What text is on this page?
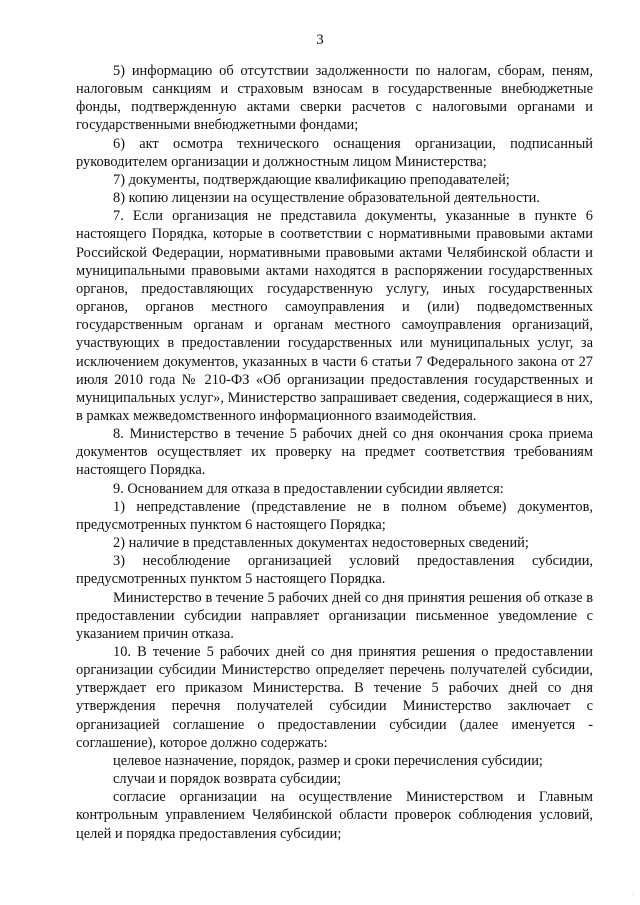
3

5) информацию об отсутствии задолженности по налогам, сборам, пеням, налоговым санкциям и страховым взносам в государственные внебюджетные фонды, подтвержденную актами сверки расчетов с налоговыми органами и государственными внебюджетными фондами;

6) акт осмотра технического оснащения организации, подписанный руководителем организации и должностным лицом Министерства;

7) документы, подтверждающие квалификацию преподавателей;

8) копию лицензии на осуществление образовательной деятельности.

7. Если организация не представила документы, указанные в пункте 6 настоящего Порядка, которые в соответствии с нормативными правовыми актами Российской Федерации, нормативными правовыми актами Челябинской области и муниципальными правовыми актами находятся в распоряжении государственных органов, предоставляющих государственную услугу, иных государственных органов, органов местного самоуправления и (или) подведомственных государственным органам и органам местного самоуправления организаций, участвующих в предоставлении государственных или муниципальных услуг, за исключением документов, указанных в части 6 статьи 7 Федерального закона от 27 июля 2010 года № 210-ФЗ «Об организации предоставления государственных и муниципальных услуг», Министерство запрашивает сведения, содержащиеся в них, в рамках межведомственного информационного взаимодействия.

8. Министерство в течение 5 рабочих дней со дня окончания срока приема документов осуществляет их проверку на предмет соответствия требованиям настоящего Порядка.

9. Основанием для отказа в предоставлении субсидии является:

1) непредставление (представление не в полном объеме) документов, предусмотренных пунктом 6 настоящего Порядка;

2) наличие в представленных документах недостоверных сведений;

3) несоблюдение организацией условий предоставления субсидии, предусмотренных пунктом 5 настоящего Порядка.

Министерство в течение 5 рабочих дней со дня принятия решения об отказе в предоставлении субсидии направляет организации письменное уведомление с указанием причин отказа.

10. В течение 5 рабочих дней со дня принятия решения о предоставлении организации субсидии Министерство определяет перечень получателей субсидии, утверждает его приказом Министерства. В течение 5 рабочих дней со дня утверждения перечня получателей субсидии Министерство заключает с организацией соглашение о предоставлении субсидии (далее именуется - соглашение), которое должно содержать:

целевое назначение, порядок, размер и сроки перечисления субсидии;

случаи и порядок возврата субсидии;

согласие организации на осуществление Министерством и Главным контрольным управлением Челябинской области проверок соблюдения условий, целей и порядка предоставления субсидии;

·
